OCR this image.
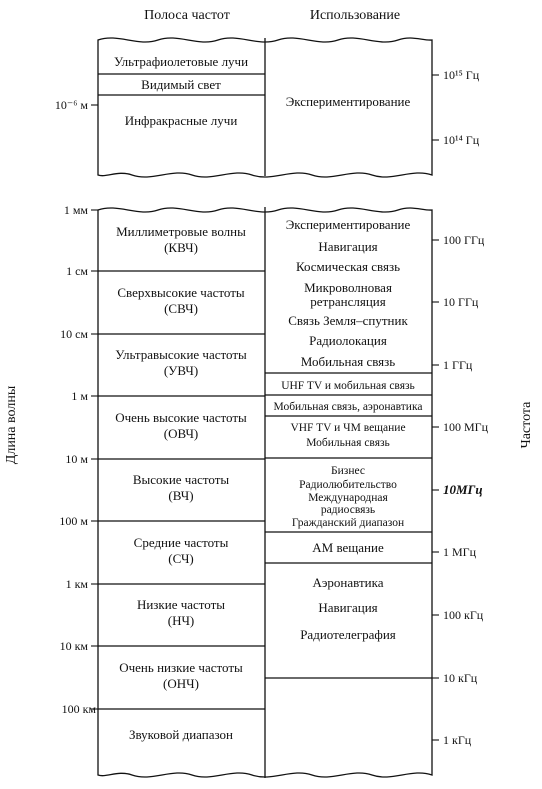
Полоса частот	Использование
Длина волны	Частота
Ультрафиолетовые лучи
Видимый свет
Инфракрасные лучи
Экспериментирование
10⁻⁶ м
10¹⁵ Гц
10¹⁴ Гц
Миллиметровые волны
(КВЧ)
Сверхвысокие частоты
(СВЧ)
Ультравысокие частоты
(УВЧ)
Очень высокие частоты
(ОВЧ)
Высокие частоты
(ВЧ)
Средние частоты
(СЧ)
Низкие частоты
(НЧ)
Очень низкие частоты
(ОНЧ)
Звуковой диапазон
Экспериментирование
Навигация
Космическая связь
Микроволновая
ретрансляция
Связь Земля–спутник
Радиолокация
Мобильная связь
UHF TV и мобильная связь
Мобильная связь, аэронавтика
VHF TV и ЧМ вещание
Мобильная связь
Бизнес
Радиолюбительство
Международная
радиосвязь
Гражданский диапазон
AM вещание
Аэронавтика
Навигация
Радиотелеграфия
1 мм
1 см
10 см
1 м
10 м
100 м
1 км
10 км
100 км
100 ГГц
10 ГГц
1 ГГц
100 МГц
10МГц
1 МГц
100 кГц
10 кГц
1 кГц
